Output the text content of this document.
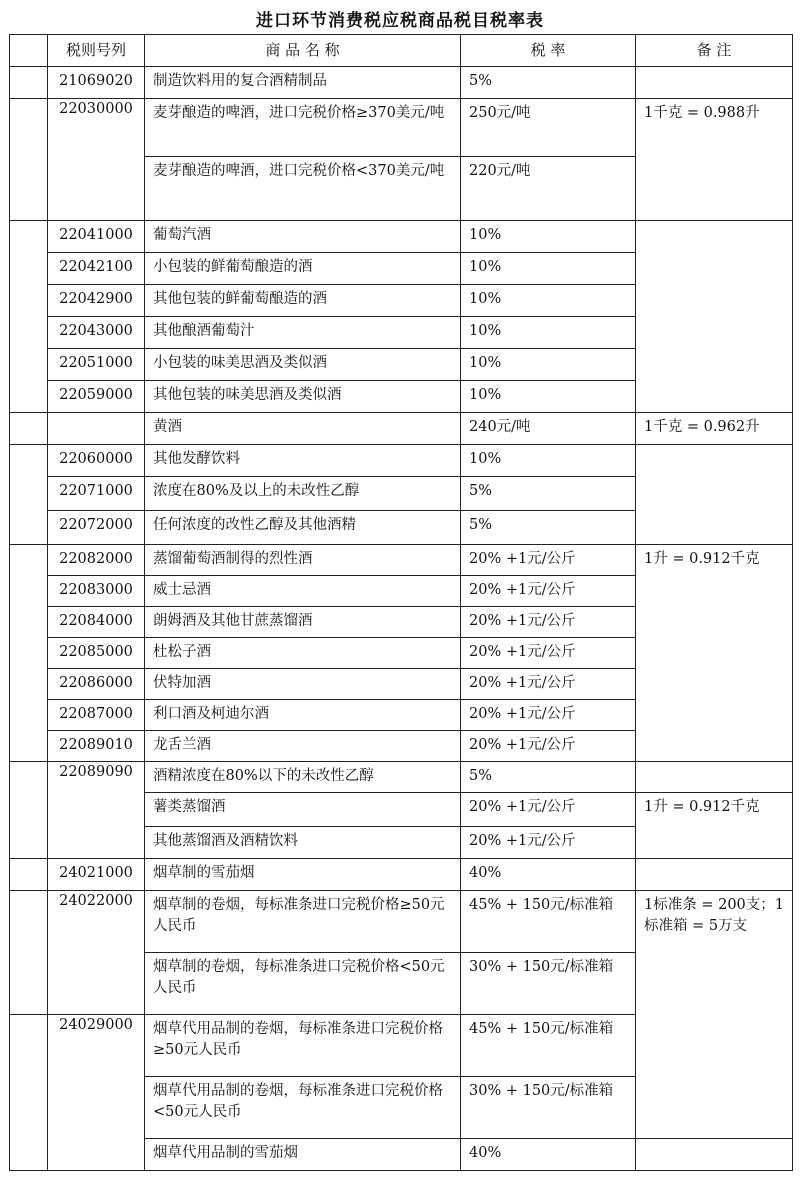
进口环节消费税应税商品税目税率表
	税则号列	商 品 名 称	税 率	备 注
	21069020	制造饮料用的复合酒精制品	5%	
	22030000	麦芽酿造的啤酒，进口完税价格≥370美元/吨	250元/吨	1千克 = 0.988升
		麦芽酿造的啤酒，进口完税价格<370美元/吨	220元/吨	
	22041000	葡萄汽酒	10%	
	22042100	小包装的鲜葡萄酿造的酒	10%	
	22042900	其他包装的鲜葡萄酿造的酒	10%	
	22043000	其他酿酒葡萄汁	10%	
	22051000	小包装的味美思酒及类似酒	10%	
	22059000	其他包装的味美思酒及类似酒	10%	
		黄酒	240元/吨	1千克 = 0.962升
	22060000	其他发酵饮料	10%	
	22071000	浓度在80%及以上的未改性乙醇	5%	
	22072000	任何浓度的改性乙醇及其他酒精	5%	
	22082000	蒸馏葡萄酒制得的烈性酒	20% +1元/公斤	1升 = 0.912千克
	22083000	威士忌酒	20% +1元/公斤	
	22084000	朗姆酒及其他甘蔗蒸馏酒	20% +1元/公斤	
	22085000	杜松子酒	20% +1元/公斤	
	22086000	伏特加酒	20% +1元/公斤	
	22087000	利口酒及柯迪尔酒	20% +1元/公斤	
	22089010	龙舌兰酒	20% +1元/公斤	
	22089090	酒精浓度在80%以下的未改性乙醇	5%	
		薯类蒸馏酒	20% +1元/公斤	1升 = 0.912千克
		其他蒸馏酒及酒精饮料	20% +1元/公斤	
	24021000	烟草制的雪茄烟	40%	
	24022000	烟草制的卷烟，每标准条进口完税价格≥50元人民币	45% + 150元/标准箱	1标准条 = 200支；1标准箱 = 5万支
		烟草制的卷烟，每标准条进口完税价格<50元人民币	30% + 150元/标准箱	
	24029000	烟草代用品制的卷烟，每标准条进口完税价格≥50元人民币	45% + 150元/标准箱	
		烟草代用品制的卷烟，每标准条进口完税价格<50元人民币	30% + 150元/标准箱	
		烟草代用品制的雪茄烟	40%	
